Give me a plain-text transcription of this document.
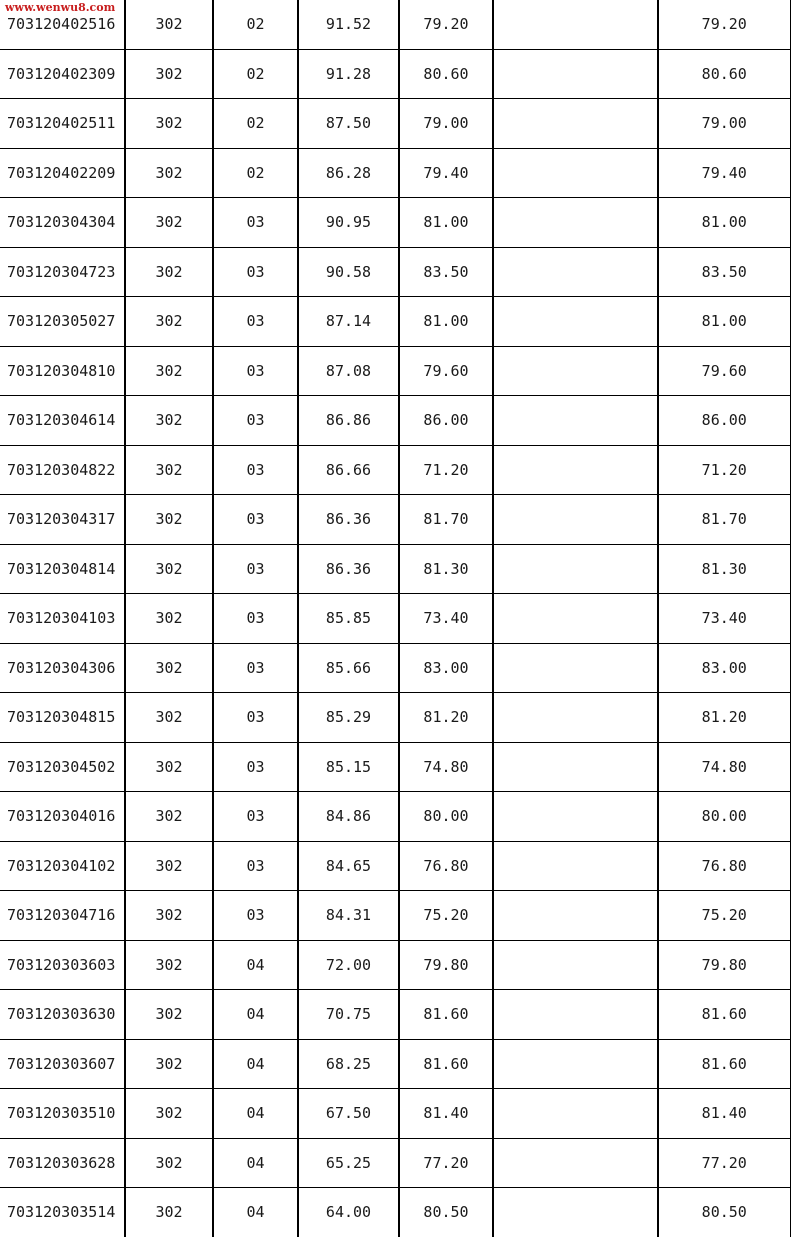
www.wenwu8.com
703120402516	302	02	91.52	79.20		79.20
703120402309	302	02	91.28	80.60		80.60
703120402511	302	02	87.50	79.00		79.00
703120402209	302	02	86.28	79.40		79.40
703120304304	302	03	90.95	81.00		81.00
703120304723	302	03	90.58	83.50		83.50
703120305027	302	03	87.14	81.00		81.00
703120304810	302	03	87.08	79.60		79.60
703120304614	302	03	86.86	86.00		86.00
703120304822	302	03	86.66	71.20		71.20
703120304317	302	03	86.36	81.70		81.70
703120304814	302	03	86.36	81.30		81.30
703120304103	302	03	85.85	73.40		73.40
703120304306	302	03	85.66	83.00		83.00
703120304815	302	03	85.29	81.20		81.20
703120304502	302	03	85.15	74.80		74.80
703120304016	302	03	84.86	80.00		80.00
703120304102	302	03	84.65	76.80		76.80
703120304716	302	03	84.31	75.20		75.20
703120303603	302	04	72.00	79.80		79.80
703120303630	302	04	70.75	81.60		81.60
703120303607	302	04	68.25	81.60		81.60
703120303510	302	04	67.50	81.40		81.40
703120303628	302	04	65.25	77.20		77.20
703120303514	302	04	64.00	80.50		80.50
